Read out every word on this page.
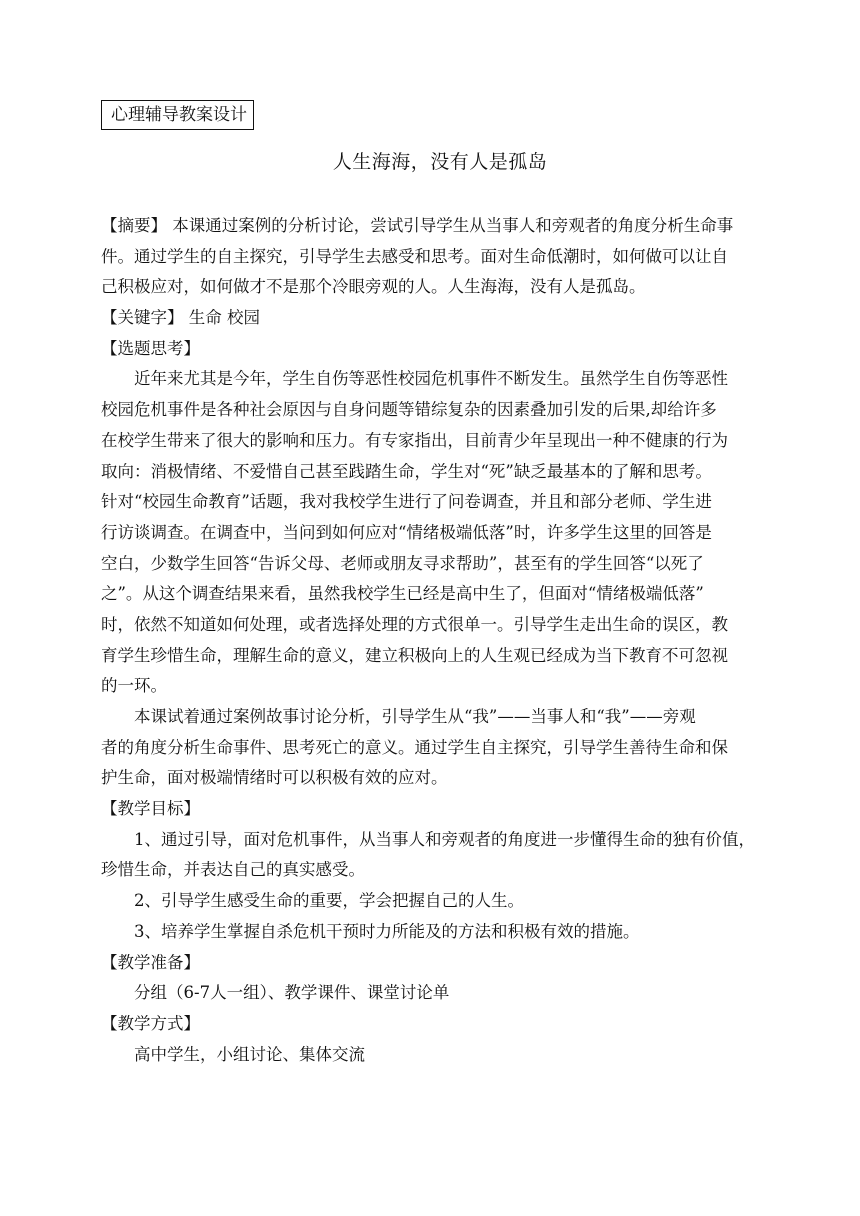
心理辅导教案设计
人生海海，没有人是孤岛
【摘要】 本课通过案例的分析讨论，尝试引导学生从当事人和旁观者的角度分析生命事
件。通过学生的自主探究，引导学生去感受和思考。面对生命低潮时，如何做可以让自
己积极应对，如何做才不是那个冷眼旁观的人。人生海海，没有人是孤岛。
【关键字】 生命 校园
【选题思考】
近年来尤其是今年，学生自伤等恶性校园危机事件不断发生。虽然学生自伤等恶性
校园危机事件是各种社会原因与自身问题等错综复杂的因素叠加引发的后果,却给许多
在校学生带来了很大的影响和压力。有专家指出，目前青少年呈现出一种不健康的行为
取向：消极情绪、不爱惜自己甚至践踏生命，学生对“死”缺乏最基本的了解和思考。
针对“校园生命教育”话题，我对我校学生进行了问卷调查，并且和部分老师、学生进
行访谈调查。在调查中，当问到如何应对“情绪极端低落”时，许多学生这里的回答是
空白，少数学生回答“告诉父母、老师或朋友寻求帮助”，甚至有的学生回答“以死了
之”。从这个调查结果来看，虽然我校学生已经是高中生了，但面对“情绪极端低落”
时，依然不知道如何处理，或者选择处理的方式很单一。引导学生走出生命的误区，教
育学生珍惜生命，理解生命的意义，建立积极向上的人生观已经成为当下教育不可忽视
的一环。
本课试着通过案例故事讨论分析，引导学生从“我”——当事人和“我”——旁观
者的角度分析生命事件、思考死亡的意义。通过学生自主探究，引导学生善待生命和保
护生命，面对极端情绪时可以积极有效的应对。
【教学目标】
1、通过引导，面对危机事件，从当事人和旁观者的角度进一步懂得生命的独有价值，
珍惜生命，并表达自己的真实感受。
2、引导学生感受生命的重要，学会把握自己的人生。
3、培养学生掌握自杀危机干预时力所能及的方法和积极有效的措施。
【教学准备】
分组（6-7人一组）、教学课件、课堂讨论单
【教学方式】
高中学生，小组讨论、集体交流
